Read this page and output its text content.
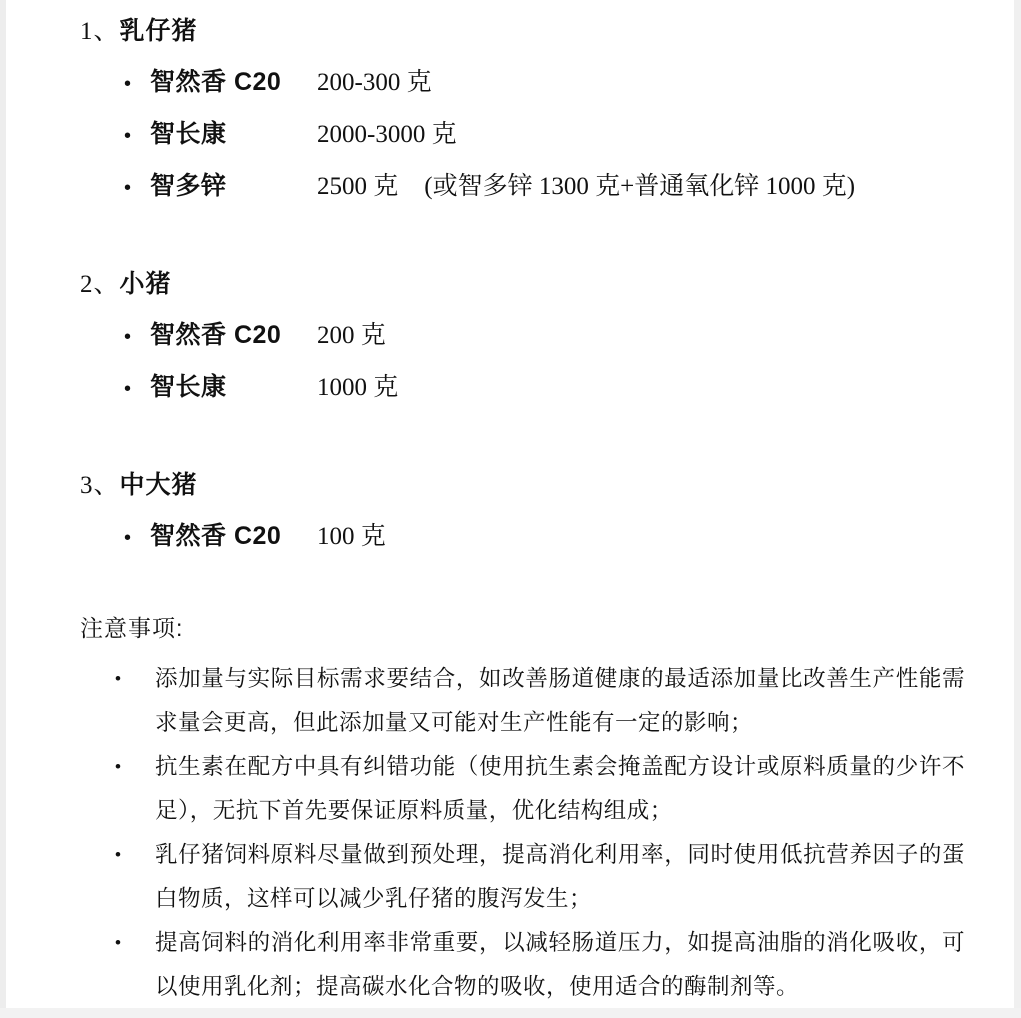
1、乳仔猪
• 智然香 C20	200-300 克
• 智长康	2000-3000 克
• 智多锌	2500 克 (或智多锌 1300 克+普通氧化锌 1000 克)
2、小猪
• 智然香 C20	200 克
• 智长康	1000 克
3、中大猪
• 智然香 C20	100 克
注意事项:
•	添加量与实际目标需求要结合，如改善肠道健康的最适添加量比改善生产性能需求量会更高，但此添加量又可能对生产性能有一定的影响；

•	抗生素在配方中具有纠错功能（使用抗生素会掩盖配方设计或原料质量的少许不足），无抗下首先要保证原料质量，优化结构组成；

•	乳仔猪饲料原料尽量做到预处理，提高消化利用率，同时使用低抗营养因子的蛋白物质，这样可以减少乳仔猪的腹泻发生；

•	提高饲料的消化利用率非常重要，以减轻肠道压力，如提高油脂的消化吸收，可以使用乳化剂；提高碳水化合物的吸收，使用适合的酶制剂等。
